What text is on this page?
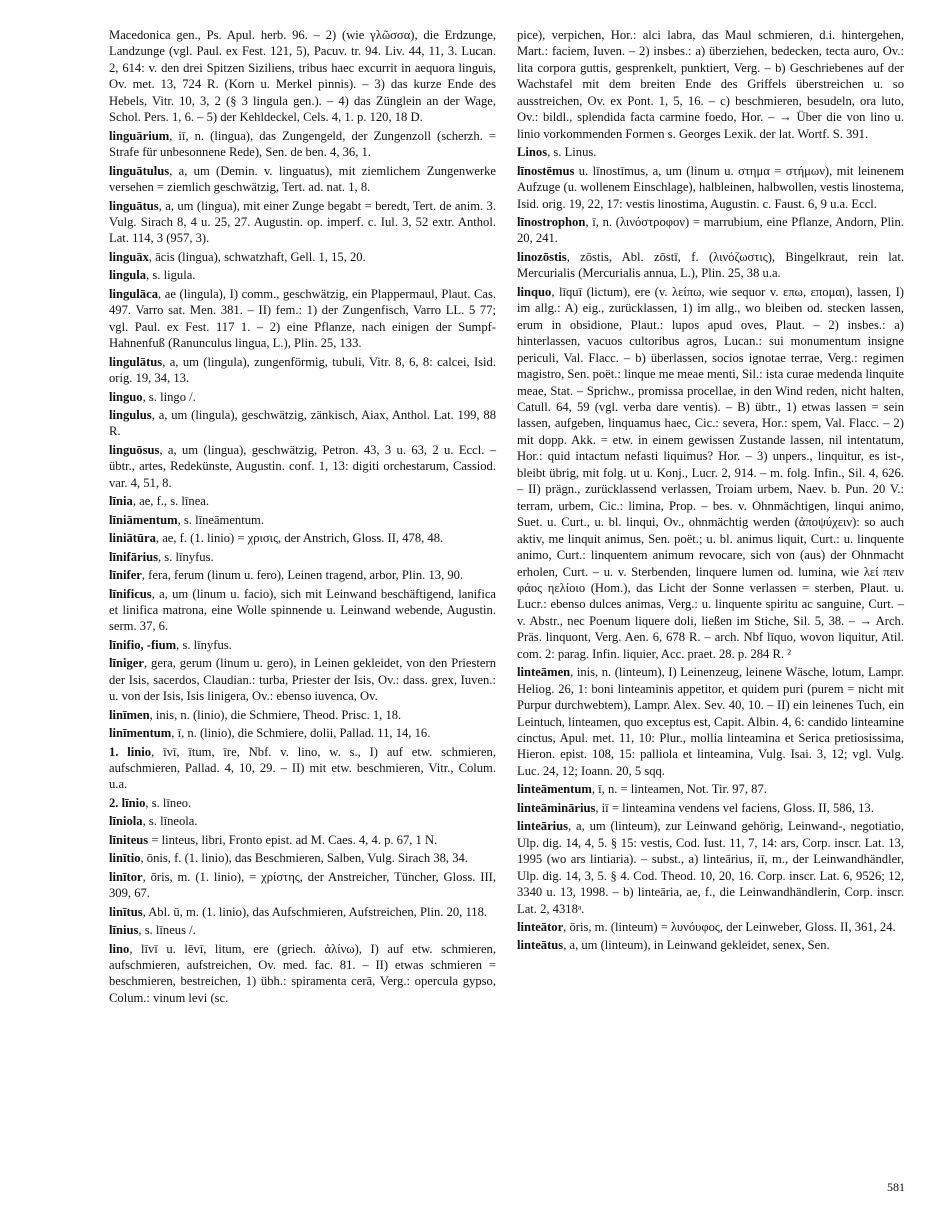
Macedonica gen., Ps. Apul. herb. 96. – 2) (wie γλῶσσα), die Erdzunge, Landzunge (vgl. Paul. ex Fest. 121, 5), Pacuv. tr. 94. Liv. 44, 11, 3. Lucan. 2, 614: v. den drei Spitzen Siziliens, tribus haec excurrit in aequora linguis, Ov. met. 13, 724 R. (Korn u. Merkel pinnis). – 3) das kurze Ende des Hebels, Vitr. 10, 3, 2 (§ 3 lingula gen.). – 4) das Zünglein an der Wage, Schol. Pers. 1, 6. – 5) der Kehldeckel, Cels. 4, 1. p. 120, 18 D.

linguārium, iī, n. (lingua), das Zungengeld, der Zungenzoll (scherzh. = Strafe für unbesonnene Rede), Sen. de ben. 4, 36, 1.

linguātulus, a, um (Demin. v. linguatus), mit ziemlichem Zungenwerke versehen = ziemlich geschwätzig, Tert. ad. nat. 1, 8.

linguātus, a, um (lingua), mit einer Zunge begabt = beredt, Tert. de anim. 3. Vulg. Sirach 8, 4 u. 25, 27. Augustin. op. imperf. c. Iul. 3, 52 extr. Anthol. Lat. 114, 3 (957, 3).

linguāx, ācis (lingua), schwatzhaft, Gell. 1, 15, 20.

lingula, s. ligula.

lingulāca, ae (lingula), I) comm., geschwätzig, ein Plappermaul, Plaut. Cas. 497. Varro sat. Men. 381. – II) fem.: 1) der Zungenfisch, Varro LL. 5 77; vgl. Paul. ex Fest. 117 1. – 2) eine Pflanze, nach einigen der Sumpf-Hahnenfuß (Ranunculus lingua, L.), Plin. 25, 133.

lingulātus, a, um (lingula), zungenförmig, tubuli, Vitr. 8, 6, 8: calcei, Isid. orig. 19, 34, 13.

linguo, s. lingo /.

lingulus, a, um (lingula), geschwätzig, zänkisch, Aiax, Anthol. Lat. 199, 88 R.

linguōsus, a, um (lingua), geschwätzig, Petron. 43, 3 u. 63, 2 u. Eccl. – übtr., artes, Redekünste, Augustin. conf. 1, 13: digiti orchestarum, Cassiod. var. 4, 51, 8.

līnia, ae, f., s. līnea.

līniāmentum, s. līneāmentum.

liniātūra, ae, f. (1. linio) = χρισις, der Anstrich, Gloss. II, 478, 48.

līnifārius, s. līnyfus.

līnifer, fera, ferum (linum u. fero), Leinen tragend, arbor, Plin. 13, 90.

līnificus, a, um (linum u. facio), sich mit Leinwand beschäftigend, lanifica et linifica matrona, eine Wolle spinnende u. Leinwand webende, Augustin. serm. 37, 6.

līnifio, -fium, s. līnyfus.

līniger, gera, gerum (linum u. gero), in Leinen gekleidet, von den Priestern der Isis, sacerdos, Claudian.: turba, Priester der Isis, Ov.: dass. grex, Iuven.: u. von der Isis, Isis linigera, Ov.: ebenso iuvenca, Ov.

linīmen, inis, n. (linio), die Schmiere, Theod. Prisc. 1, 18.

linīmentum, ī, n. (linio), die Schmiere, dolii, Pallad. 11, 14, 16.

1. linio, īvī, ītum, īre, Nbf. v. lino, w. s., I) auf etw. schmieren, aufschmieren, Pallad. 4, 10, 29. – II) mit etw. beschmieren, Vitr., Colum. u.a.

2. līnio, s. līneo.

līniola, s. līneola.

līniteus = linteus, libri, Fronto epist. ad M. Caes. 4, 4. p. 67, 1 N.

linītio, ōnis, f. (1. linio), das Beschmieren, Salben, Vulg. Sirach 38, 34.

linītor, ōris, m. (1. linio), = χρίστης, der Anstreicher, Tüncher, Gloss. III, 309, 67.

linītus, Abl. ū, m. (1. linio), das Aufschmieren, Aufstreichen, Plin. 20, 118.

līnius, s. līneus /.

lino, līvī u. lēvī, litum, ere (griech. ἀλίνω), I) auf etw. schmieren, aufschmieren, aufstreichen, Ov. med. fac. 81. – II) etwas schmieren = beschmieren, bestreichen, 1) übh.: spiramenta cerā, Verg.: opercula gypso, Colum.: vinum levi (sc.

pice), verpichen, Hor.: alci labra, das Maul schmieren, d.i. hintergehen, Mart.: faciem, Iuven. – 2) insbes.: a) überziehen, bedecken, tecta auro, Ov.: lita corpora guttis, gesprenkelt, punktiert, Verg. – b) Geschriebenes auf der Wachstafel mit dem breiten Ende des Griffels überstreichen u. so ausstreichen, Ov. ex Pont. 1, 5, 16. – c) beschmieren, besudeln, ora luto, Ov.: bildl., splendida facta carmine foedo, Hor. – → Über die von lino u. linio vorkommenden Formen s. Georges Lexik. der lat. Wortf. S. 391.

Linos, s. Linus.

līnostēmus u. līnostīmus, a, um (linum u. στημα = στήμων), mit leinenem Aufzuge (u. wollenem Einschlage), halbleinen, halbwollen, vestis linostema, Isid. orig. 19, 22, 17: vestis linostima, Augustin. c. Faust. 6, 9 u.a. Eccl.

līnostrophon, ī, n. (λινόστροφον) = marrubium, eine Pflanze, Andorn, Plin. 20, 241.

linozōstis, zōstis, Abl. zōstī, f. (λινόζωστις), Bingelkraut, rein lat. Mercurialis (Mercurialis annua, L.), Plin. 25, 38 u.a.

linquo, līquī (lictum), ere (v. λείπω, wie sequor v. επω, επομαι), lassen, I) im allg.: A) eig., zurücklassen, 1) im allg., wo bleiben od. stecken lassen, erum in obsidione, Plaut.: lupos apud oves, Plaut. – 2) insbes.: a) hinterlassen, vacuos cultoribus agros, Lucan.: sui monumentum insigne periculi, Val. Flacc. – b) überlassen, socios ignotae terrae, Verg.: regimen magistro, Sen. poët.: linque me meae menti, Sil.: ista curae medenda linquite meae, Stat. – Sprichw., promissa procellae, in den Wind reden, nicht halten, Catull. 64, 59 (vgl. verba dare ventis). – B) übtr., 1) etwas lassen = sein lassen, aufgeben, linquamus haec, Cic.: severa, Hor.: spem, Val. Flacc. – 2) mit dopp. Akk. = etw. in einem gewissen Zustande lassen, nil intentatum, Hor.: quid intactum nefasti liquimus? Hor. – 3) unpers., linquitur, es ist-, bleibt übrig, mit folg. ut u. Konj., Lucr. 2, 914. – m. folg. Infin., Sil. 4, 626. – II) prägn., zurücklassend verlassen, Troiam urbem, Naev. b. Pun. 20 V.: terram, urbem, Cic.: limina, Prop. – bes. v. Ohnmächtigen, linqui animo, Suet. u. Curt., u. bl. linqui, Ov., ohnmächtig werden (ἀποψύχειν): so auch aktiv, me linquit animus, Sen. poët.; u. bl. animus liquit, Curt.: u. linquente animo, Curt.: linquentem animum revocare, sich von (aus) der Ohnmacht erholen, Curt. – u. v. Sterbenden, linquere lumen od. lumina, wie λεί πειν φάος ηελίοιο (Hom.), das Licht der Sonne verlassen = sterben, Plaut. u. Lucr.: ebenso dulces animas, Verg.: u. linquente spiritu ac sanguine, Curt. – v. Abstr., nec Poenum liquere doli, ließen im Stiche, Sil. 5, 38. – → Arch. Präs. linquont, Verg. Aen. 6, 678 R. – arch. Nbf līquo, wovon liquitur, Atil. com. 2: parag. Infin. liquier, Acc. praet. 28. p. 284 R. ²

linteāmen, inis, n. (linteum), I) Leinenzeug, leinene Wäsche, lotum, Lampr. Heliog. 26, 1: boni linteaminis appetitor, et quidem puri (purem = nicht mit Purpur durchwebtem), Lampr. Alex. Sev. 40, 10. – II) ein leinenes Tuch, ein Leintuch, linteamen, quo exceptus est, Capit. Albin. 4, 6: candido linteamine cinctus, Apul. met. 11, 10: Plur., mollia linteamina et Serica pretiosissima, Hieron. epist. 108, 15: palliola et linteamina, Vulg. Isai. 3, 12; vgl. Vulg. Luc. 24, 12; Ioann. 20, 5 sqq.

linteāmentum, ī, n. = linteamen, Not. Tir. 97, 87.

linteāminārius, iī = linteamina vendens vel faciens, Gloss. II, 586, 13.

linteārius, a, um (linteum), zur Leinwand gehörig, Leinwand-, negotiatio, Ulp. dig. 14, 4, 5. § 15: vestis, Cod. Iust. 11, 7, 14: ars, Corp. inscr. Lat. 13, 1995 (wo ars lintiaria). – subst., a) linteārius, iī, m., der Leinwandhändler, Ulp. dig. 14, 3, 5. § 4. Cod. Theod. 10, 20, 16. Corp. inscr. Lat. 6, 9526; 12, 3340 u. 13, 1998. – b) linteāria, ae, f., die Leinwandhändlerin, Corp. inscr. Lat. 2, 4318ᵃ.

linteātor, ōris, m. (linteum) = λυνόυφος, der Leinweber, Gloss. II, 361, 24.

linteātus, a, um (linteum), in Leinwand gekleidet, senex, Sen.

581
